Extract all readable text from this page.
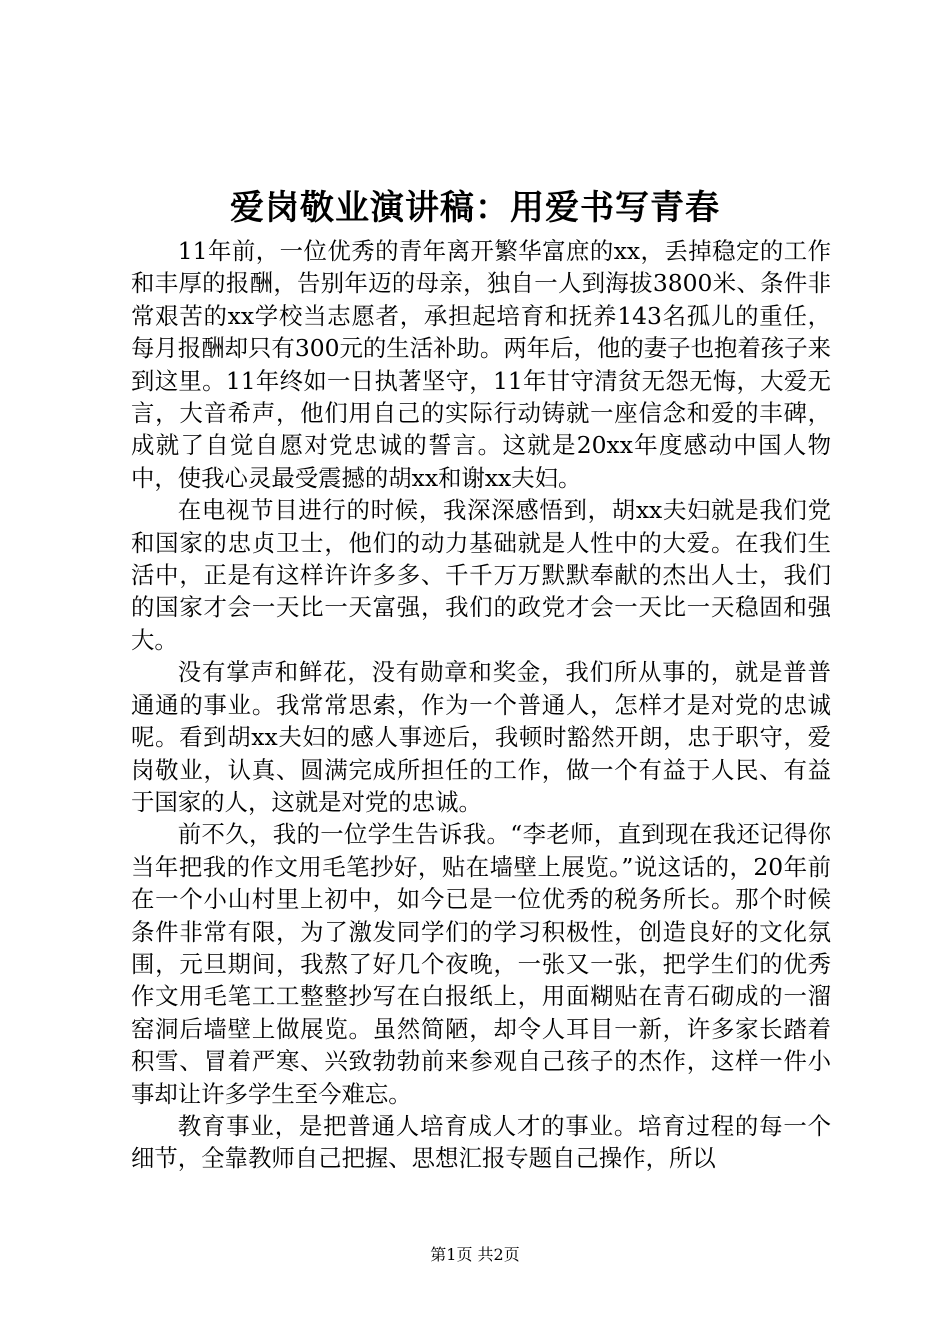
爱岗敬业演讲稿：用爱书写青春

11年前，一位优秀的青年离开繁华富庶的xx，丢掉稳定的工作和丰厚的报酬，告别年迈的母亲，独自一人到海拔3800米、条件非常艰苦的xx学校当志愿者，承担起培育和抚养143名孤儿的重任，每月报酬却只有300元的生活补助。两年后，他的妻子也抱着孩子来到这里。11年终如一日执著坚守，11年甘守清贫无怨无悔，大爱无言，大音希声，他们用自己的实际行动铸就一座信念和爱的丰碑，成就了自觉自愿对党忠诚的誓言。这就是20xx年度感动中国人物中，使我心灵最受震撼的胡xx和谢xx夫妇。

在电视节目进行的时候，我深深感悟到，胡xx夫妇就是我们党和国家的忠贞卫士，他们的动力基础就是人性中的大爱。在我们生活中，正是有这样许许多多、千千万万默默奉献的杰出人士，我们的国家才会一天比一天富强，我们的政党才会一天比一天稳固和强大。

没有掌声和鲜花，没有勋章和奖金，我们所从事的，就是普普通通的事业。我常常思索，作为一个普通人，怎样才是对党的忠诚呢。看到胡xx夫妇的感人事迹后，我顿时豁然开朗，忠于职守，爱岗敬业，认真、圆满完成所担任的工作，做一个有益于人民、有益于国家的人，这就是对党的忠诚。

前不久，我的一位学生告诉我。“李老师，直到现在我还记得你当年把我的作文用毛笔抄好，贴在墙壁上展览。”说这话的，20年前在一个小山村里上初中，如今已是一位优秀的税务所长。那个时候条件非常有限，为了激发同学们的学习积极性，创造良好的文化氛围，元旦期间，我熬了好几个夜晚，一张又一张，把学生们的优秀作文用毛笔工工整整抄写在白报纸上，用面糊贴在青石砌成的一溜窑洞后墙壁上做展览。虽然简陋，却令人耳目一新，许多家长踏着积雪、冒着严寒、兴致勃勃前来参观自己孩子的杰作，这样一件小事却让许多学生至今难忘。

教育事业，是把普通人培育成人才的事业。培育过程的每一个细节，全靠教师自己把握、思想汇报专题自己操作，所以

第1页 共2页
